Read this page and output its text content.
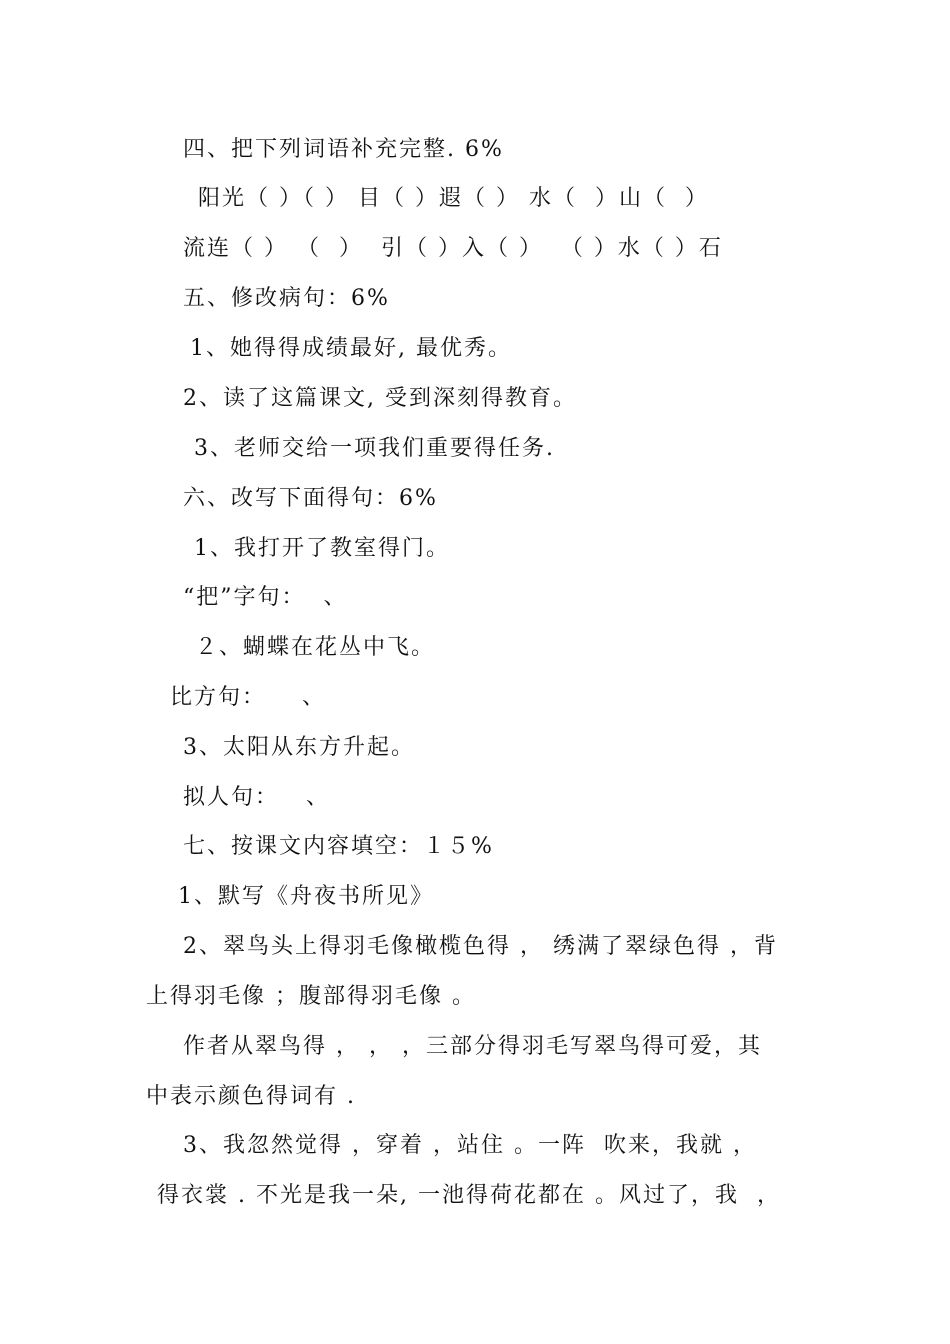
四、把下列词语补充完整. 6%
阳光（ ）（ ） 目（ ）遐（ ） 水（  ）山（  ）
流连（ ） （  ）  引（ ）入（ ）  （ ）水（ ）石
五、修改病句：6%
1、她得得成绩最好, 最优秀。
2、读了这篇课文, 受到深刻得教育。
3、老师交给一项我们重要得任务.
六、改写下面得句：6%
1、我打开了教室得门。
“把”字句：  、
２、蝴蝶在花丛中飞。
比方句：    、
3、太阳从东方升起。
拟人句：   、
七、按课文内容填空：１５%
1、默写《舟夜书所见》
2、翠鸟头上得羽毛像橄榄色得 ， 绣满了翠绿色得 ，背
上得羽毛像 ；腹部得羽毛像 。
作者从翠鸟得 ， ， ，三部分得羽毛写翠鸟得可爱，其
中表示颜色得词有 .
3、我忽然觉得 ，穿着 ，站住 。一阵  吹来，我就 ，
得衣裳 . 不光是我一朵, 一池得荷花都在 。风过了，我  ，
